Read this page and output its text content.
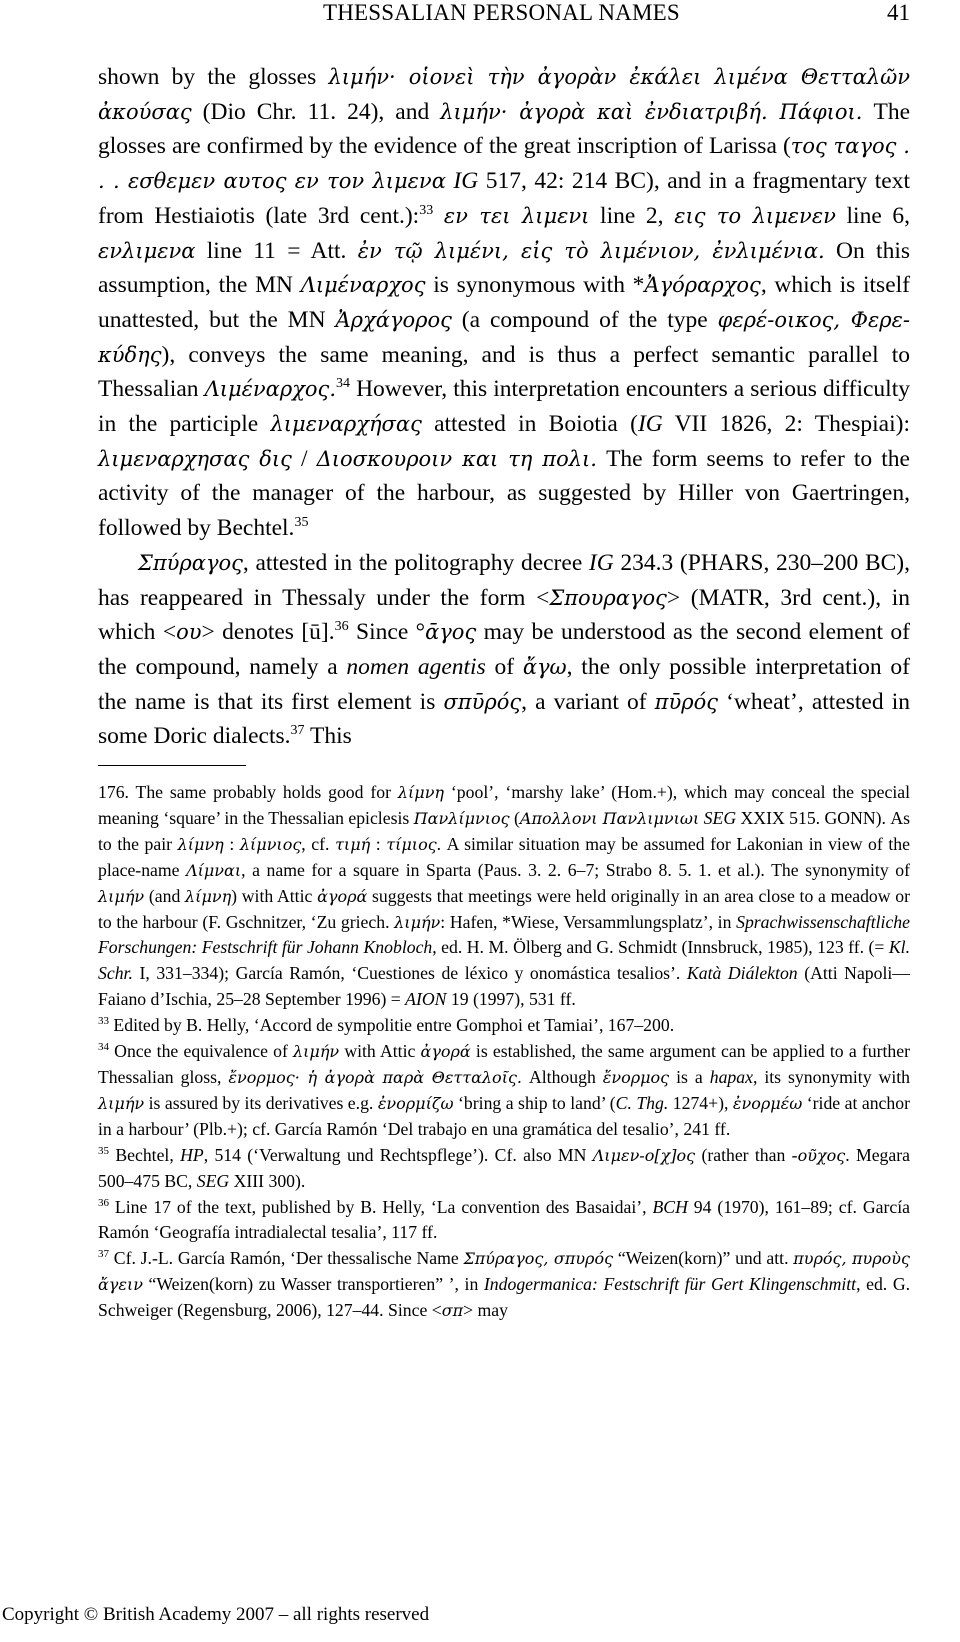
THESSALIAN PERSONAL NAMES	41

shown by the glosses λιμήν· οἱονεὶ τὴν ἀγορὰν ἐκάλει λιμένα Θετταλῶν ἀκούσας (Dio Chr. 11. 24), and λιμήν· ἀγορὰ καὶ ἐνδιατριβή. Πάφιοι. The glosses are confirmed by the evidence of the great inscription of Larissa (τος ταγος . . . εσθεμεν αυτος εν τον λιμενα IG 517, 42: 214 BC), and in a fragmentary text from Hestiaiotis (late 3rd cent.):$^{33}$ εν τει λιμενι line 2, εις το λιμενεν line 6, ενλιμενα line 11 = Att. ἐν τῷ λιμένι, εἰς τὸ λιμένιον, ἐνλιμένια. On this assumption, the MN Λιμέναρχος is synonymous with *Ἀγόραρχος, which is itself unattested, but the MN Ἀρχάγορος (a compound of the type φερέ-οικος, Φερε-κύδης), conveys the same meaning, and is thus a perfect semantic parallel to Thessalian Λιμέναρχος.$^{34}$ However, this interpretation encounters a serious difficulty in the participle λιμεναρχήσας attested in Boiotia (IG VII 1826, 2: Thespiai): λιμεναρχησας δις / Διοσκουροιν και τη πολι. The form seems to refer to the activity of the manager of the harbour, as suggested by Hiller von Gaertringen, followed by Bechtel.$^{35}$

Σπύραγος, attested in the politography decree IG 234.3 (PHARS, 230–200 BC), has reappeared in Thessaly under the form <Σπουραγος> (MATR, 3rd cent.), in which <ου> denotes [ū].$^{36}$ Since °ᾱγος may be understood as the second element of the compound, namely a nomen agentis of ἄγω, the only possible interpretation of the name is that its first element is σπῡρός, a variant of πῡρός ‘wheat’, attested in some Doric dialects.$^{37}$ This

176. The same probably holds good for λίμνη ‘pool’, ‘marshy lake’ (Hom.+), which may conceal the special meaning ‘square’ in the Thessalian epiclesis Πανλίμνιος (Απολλονι Πανλιμνιωι SEG XXIX 515. GONN). As to the pair λίμνη : λίμνιος, cf. τιμή : τίμιος. A similar situation may be assumed for Lakonian in view of the place-name Λίμναι, a name for a square in Sparta (Paus. 3. 2. 6–7; Strabo 8. 5. 1. et al.). The synonymity of λιμήν (and λίμνη) with Attic ἀγορά suggests that meetings were held originally in an area close to a meadow or to the harbour (F. Gschnitzer, ‘Zu griech. λιμήν: Hafen, *Wiese, Versammlungsplatz’, in Sprachwissenschaftliche Forschungen: Festschrift für Johann Knobloch, ed. H. M. Ölberg and G. Schmidt (Innsbruck, 1985), 123 ff. (= Kl. Schr. I, 331–334); García Ramón, ‘Cuestiones de léxico y onomástica tesalios’. Katà Diálekton (Atti Napoli—Faiano d’Ischia, 25–28 September 1996) = AION 19 (1997), 531 ff.

$^{33}$ Edited by B. Helly, ‘Accord de sympolitie entre Gomphoi et Tamiai’, 167–200.

$^{34}$ Once the equivalence of λιμήν with Attic ἀγορά is established, the same argument can be applied to a further Thessalian gloss, ἔνορμος· ἡ ἀγορὰ παρὰ Θετταλοῖς. Although ἔνορμος is a hapax, its synonymity with λιμήν is assured by its derivatives e.g. ἐνορμίζω ‘bring a ship to land’ (C. Thg. 1274+), ἐνορμέω ‘ride at anchor in a harbour’ (Plb.+); cf. García Ramón ‘Del trabajo en una gramática del tesalio’, 241 ff.

$^{35}$ Bechtel, HP, 514 (‘Verwaltung und Rechtspflege’). Cf. also MN Λιμεν-ο[χ]ος (rather than -οῦχος. Megara 500–475 BC, SEG XIII 300).

$^{36}$ Line 17 of the text, published by B. Helly, ‘La convention des Basaidai’, BCH 94 (1970), 161–89; cf. García Ramón ‘Geografía intradialectal tesalia’, 117 ff.

$^{37}$ Cf. J.-L. García Ramón, ‘Der thessalische Name Σπύραγος, σπυρός “Weizen(korn)” und att. πυρός, πυροὺς ἄγειν “Weizen(korn) zu Wasser transportieren” ’, in Indogermanica: Festschrift für Gert Klingenschmitt, ed. G. Schweiger (Regensburg, 2006), 127–44. Since <σπ> may

Copyright © British Academy 2007 – all rights reserved
